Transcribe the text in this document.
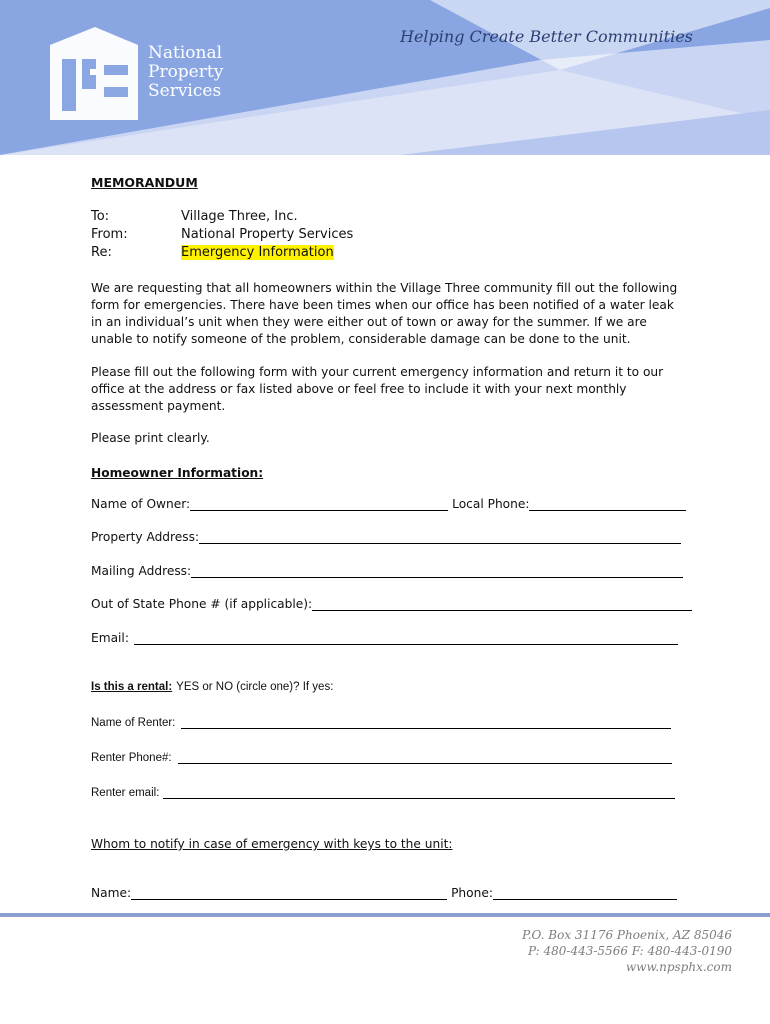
National
Property
Services
Helping Create Better Communities
MEMORANDUM
To:	Village Three, Inc.
From:	National Property Services
Re:	Emergency Information
We are requesting that all homeowners within the Village Three community fill out the following form for emergencies. There have been times when our office has been notified of a water leak in an individual’s unit when they were either out of town or away for the summer. If we are unable to notify someone of the problem, considerable damage can be done to the unit.
Please fill out the following form with your current emergency information and return it to our office at the address or fax listed above or feel free to include it with your next monthly assessment payment.
Please print clearly.
Homeowner Information:
Name of Owner:	Local Phone:
Property Address:
Mailing Address:
Out of State Phone # (if applicable):
Email:
Is this a rental: YES or NO (circle one)? If yes:
Name of Renter:
Renter Phone#:
Renter email:
Whom to notify in case of emergency with keys to the unit:
Name:	Phone:
P.O. Box 31176 Phoenix, AZ 85046
P: 480-443-5566 F: 480-443-0190
www.npsphx.com
